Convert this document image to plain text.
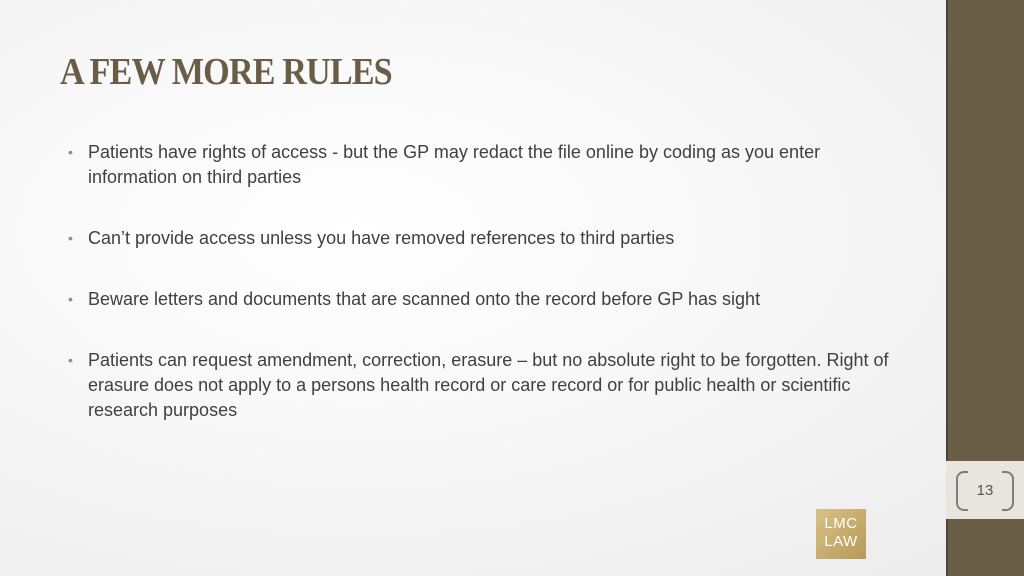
A FEW MORE RULES
• Patients have rights of access - but the GP may redact the file online by coding as you enter information on third parties
• Can’t provide access unless you have removed references to third parties
• Beware letters and documents that are scanned onto the record before GP has sight
• Patients can request amendment, correction, erasure – but no absolute right to be forgotten. Right of erasure does not apply to a persons health record or care record or for public health or scientific research purposes
13
LMC
LAW
